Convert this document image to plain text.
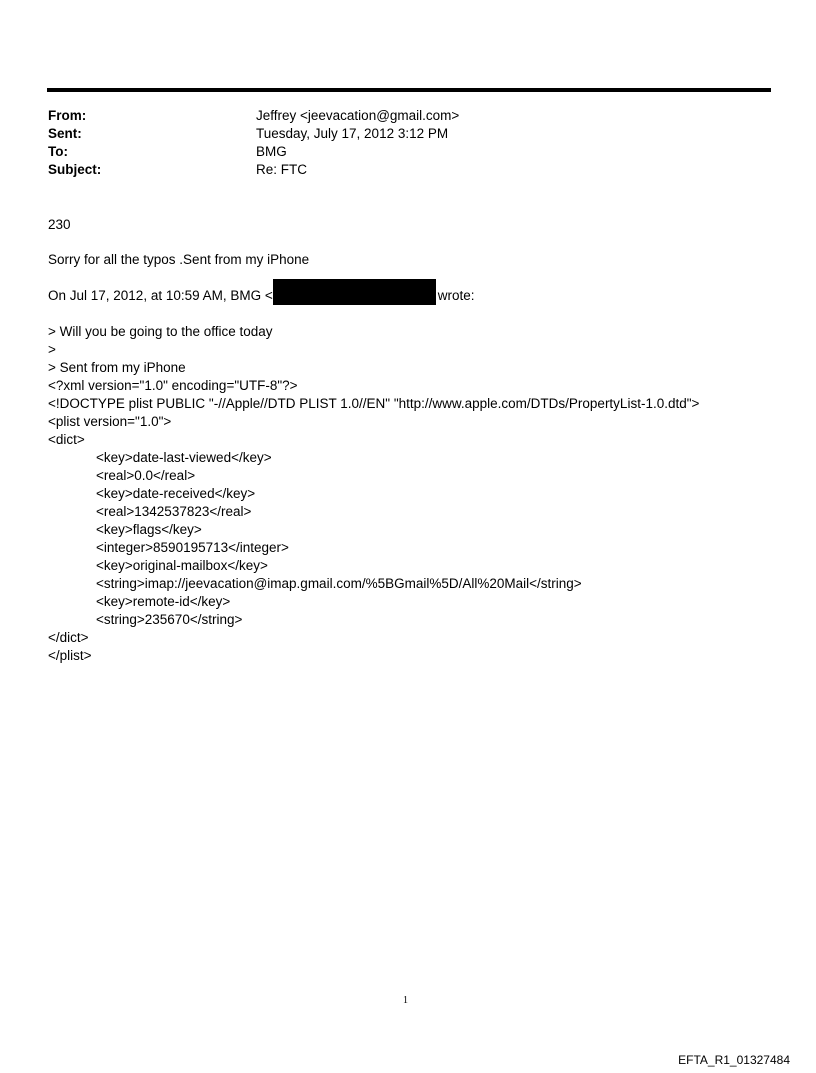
From:	Jeffrey <jeevacation@gmail.com>
Sent:	Tuesday, July 17, 2012 3:12 PM
To:	BMG
Subject:	Re: FTC
230
Sorry for all the typos .Sent from my iPhone
On Jul 17, 2012, at 10:59 AM, BMG <	wrote:
> Will you be going to the office today
>
> Sent from my iPhone
<?xml version="1.0" encoding="UTF-8"?>
<!DOCTYPE plist PUBLIC "-//Apple//DTD PLIST 1.0//EN" "http://www.apple.com/DTDs/PropertyList-1.0.dtd">
<plist version="1.0">
<dict>
<key>date-last-viewed</key>
<real>0.0</real>
<key>date-received</key>
<real>1342537823</real>
<key>flags</key>
<integer>8590195713</integer>
<key>original-mailbox</key>
<string>imap://jeevacation@imap.gmail.com/%5BGmail%5D/All%20Mail</string>
<key>remote-id</key>
<string>235670</string>
</dict>
</plist>
1
EFTA_R1_01327484
